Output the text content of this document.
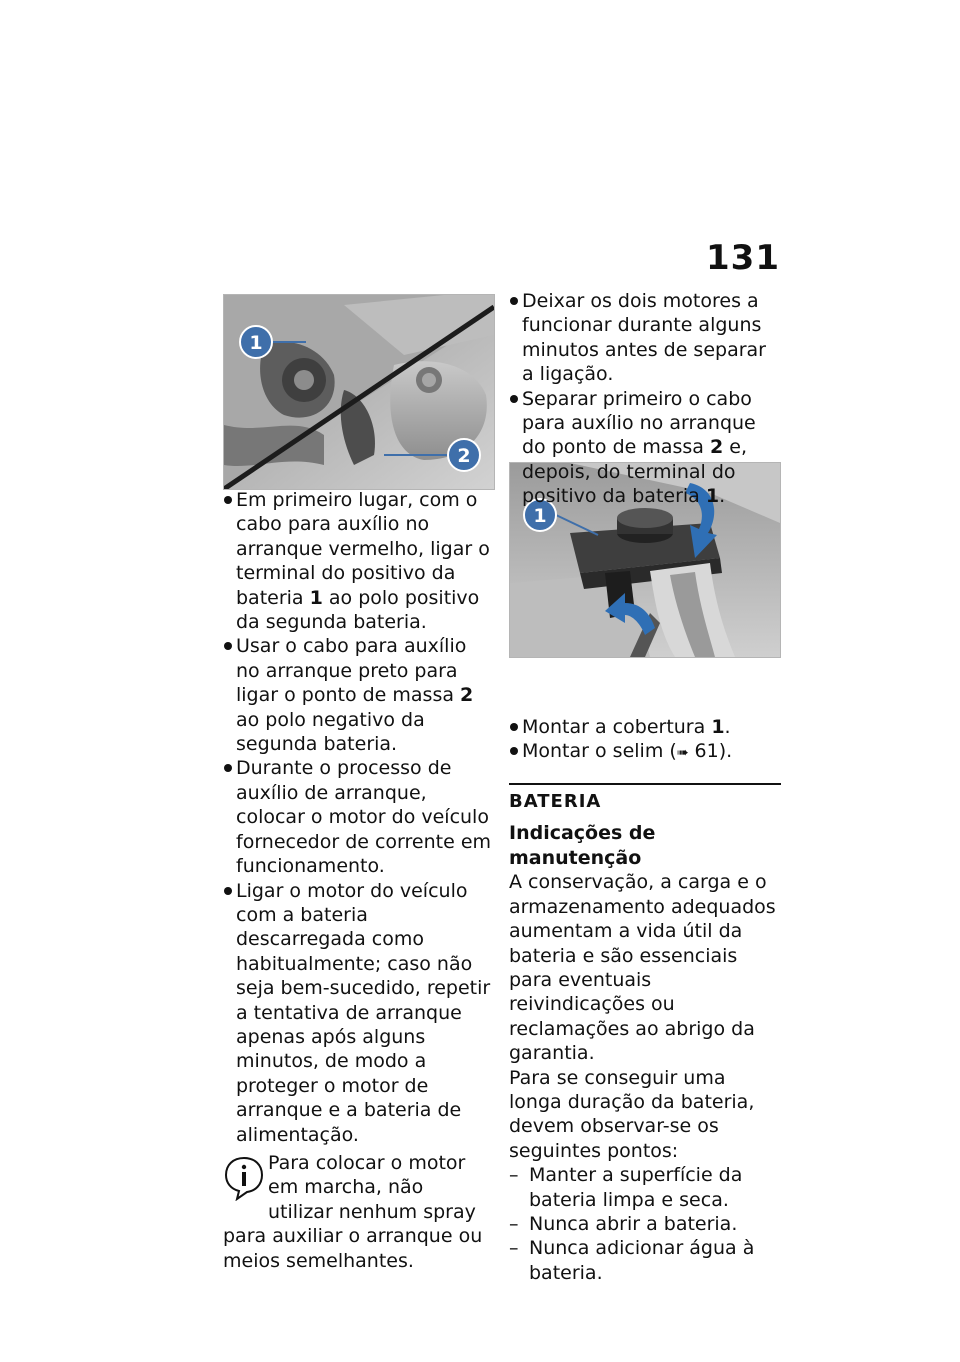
131
1
2
1
Em primeiro lugar, com o cabo para auxílio no arranque vermelho, ligar o terminal do positivo da bateria 1 ao polo positivo da segunda bateria.
Usar o cabo para auxílio no arranque preto para ligar o ponto de massa 2 ao polo negativo da segunda bateria.
Durante o processo de auxílio de arranque, colocar o motor do veículo fornecedor de corrente em funcionamento.
Ligar o motor do veículo com a bateria descarregada como habitualmente; caso não seja bem-sucedido, repetir a tentativa de arranque apenas após alguns minutos, de modo a proteger o motor de arranque e a bateria de alimentação.
Para colocar o motor em marcha, não utilizar nenhum spray para auxiliar o arranque ou meios semelhantes.
Deixar os dois motores a funcionar durante alguns minutos antes de separar a ligação.
Separar primeiro o cabo para auxílio no arranque do ponto de massa 2 e, depois, do terminal do positivo da bateria 1.
Montar a cobertura 1.
Montar o selim (➠ 61).
BATERIA
Indicações de manutenção
A conservação, a carga e o armazenamento adequados aumentam a vida útil da bateria e são essenciais para eventuais reivindicações ou reclamações ao abrigo da garantia.
Para se conseguir uma longa duração da bateria, devem observar-se os seguintes pontos:
– Manter a superfície da bateria limpa e seca.
– Nunca abrir a bateria.
– Nunca adicionar água à bateria.
